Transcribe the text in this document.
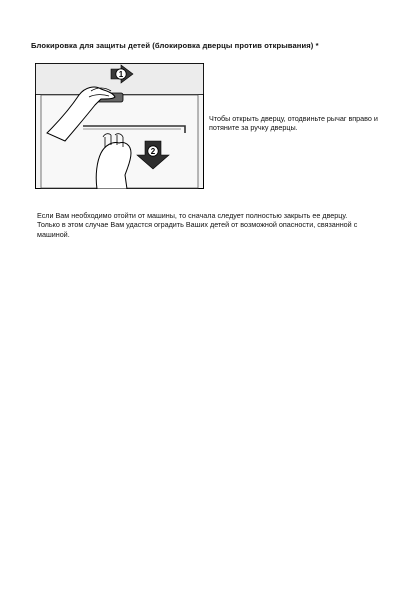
Блокировка для защиты детей (блокировка дверцы против открывания) *
1
2
Чтобы открыть дверцу, отодвиньте рычаг вправо и потяните за ручку дверцы.
Если Вам необходимо отойти от машины, то сначала следует полностью закрыть ее дверцу. Только в этом случае Вам удастся оградить Ваших детей от возможной опасности, связанной с машиной.
